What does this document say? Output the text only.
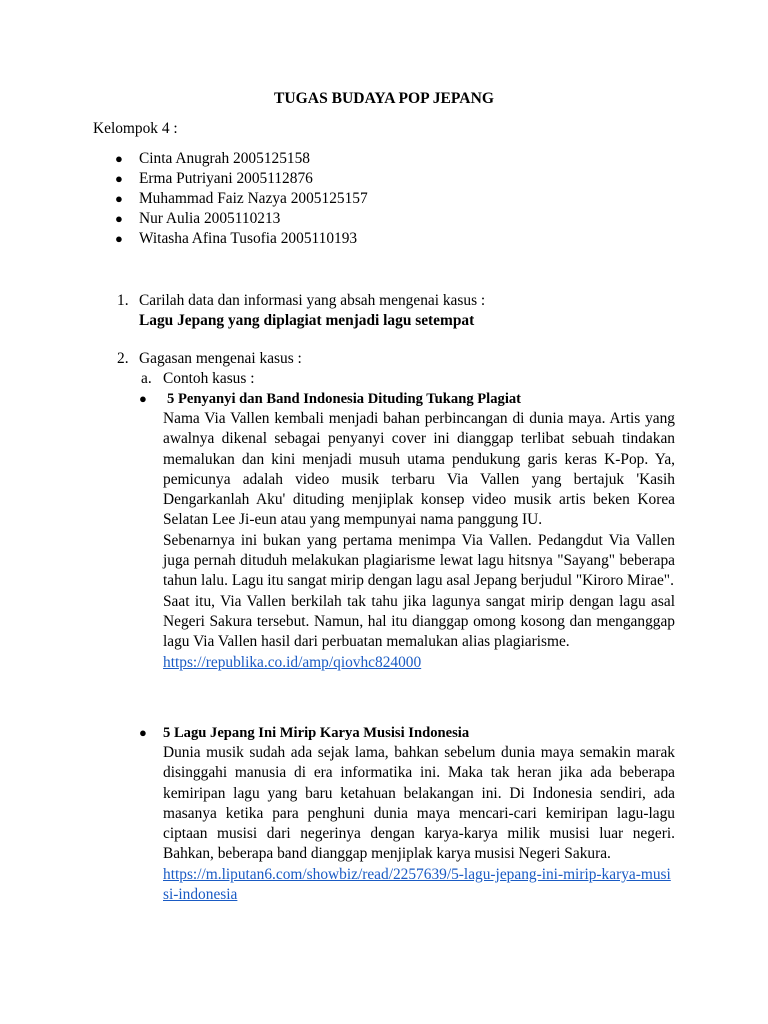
TUGAS BUDAYA POP JEPANG
Kelompok 4 :
● Cinta Anugrah 2005125158
● Erma Putriyani 2005112876
● Muhammad Faiz Nazya 2005125157
● Nur Aulia 2005110213
● Witasha Afina Tusofia 2005110193
1. Carilah data dan informasi yang absah mengenai kasus :
Lagu Jepang yang diplagiat menjadi lagu setempat
2. Gagasan mengenai kasus :
a. Contoh kasus :
● 5 Penyanyi dan Band Indonesia Dituding Tukang Plagiat

Nama Via Vallen kembali menjadi bahan perbincangan di dunia maya. Artis yang awalnya dikenal sebagai penyanyi cover ini dianggap terlibat sebuah tindakan memalukan dan kini menjadi musuh utama pendukung garis keras K-Pop. Ya, pemicunya adalah video musik terbaru Via Vallen yang bertajuk 'Kasih Dengarkanlah Aku' dituding menjiplak konsep video musik artis beken Korea Selatan Lee Ji-eun atau yang mempunyai nama panggung IU.

Sebenarnya ini bukan yang pertama menimpa Via Vallen. Pedangdut Via Vallen juga pernah dituduh melakukan plagiarisme lewat lagu hitsnya "Sayang" beberapa tahun lalu. Lagu itu sangat mirip dengan lagu asal Jepang berjudul "Kiroro Mirae".

Saat itu, Via Vallen berkilah tak tahu jika lagunya sangat mirip dengan lagu asal Negeri Sakura tersebut. Namun, hal itu dianggap omong kosong dan menganggap lagu Via Vallen hasil dari perbuatan memalukan alias plagiarisme.

https://republika.co.id/amp/qiovhc824000
● 5 Lagu Jepang Ini Mirip Karya Musisi Indonesia

Dunia musik sudah ada sejak lama, bahkan sebelum dunia maya semakin marak disinggahi manusia di era informatika ini. Maka tak heran jika ada beberapa kemiripan lagu yang baru ketahuan belakangan ini. Di Indonesia sendiri, ada masanya ketika para penghuni dunia maya mencari-cari kemiripan lagu-lagu ciptaan musisi dari negerinya dengan karya-karya milik musisi luar negeri. Bahkan, beberapa band dianggap menjiplak karya musisi Negeri Sakura.

https://m.liputan6.com/showbiz/read/2257639/5-lagu-jepang-ini-mirip-karya-musisi-indonesia
